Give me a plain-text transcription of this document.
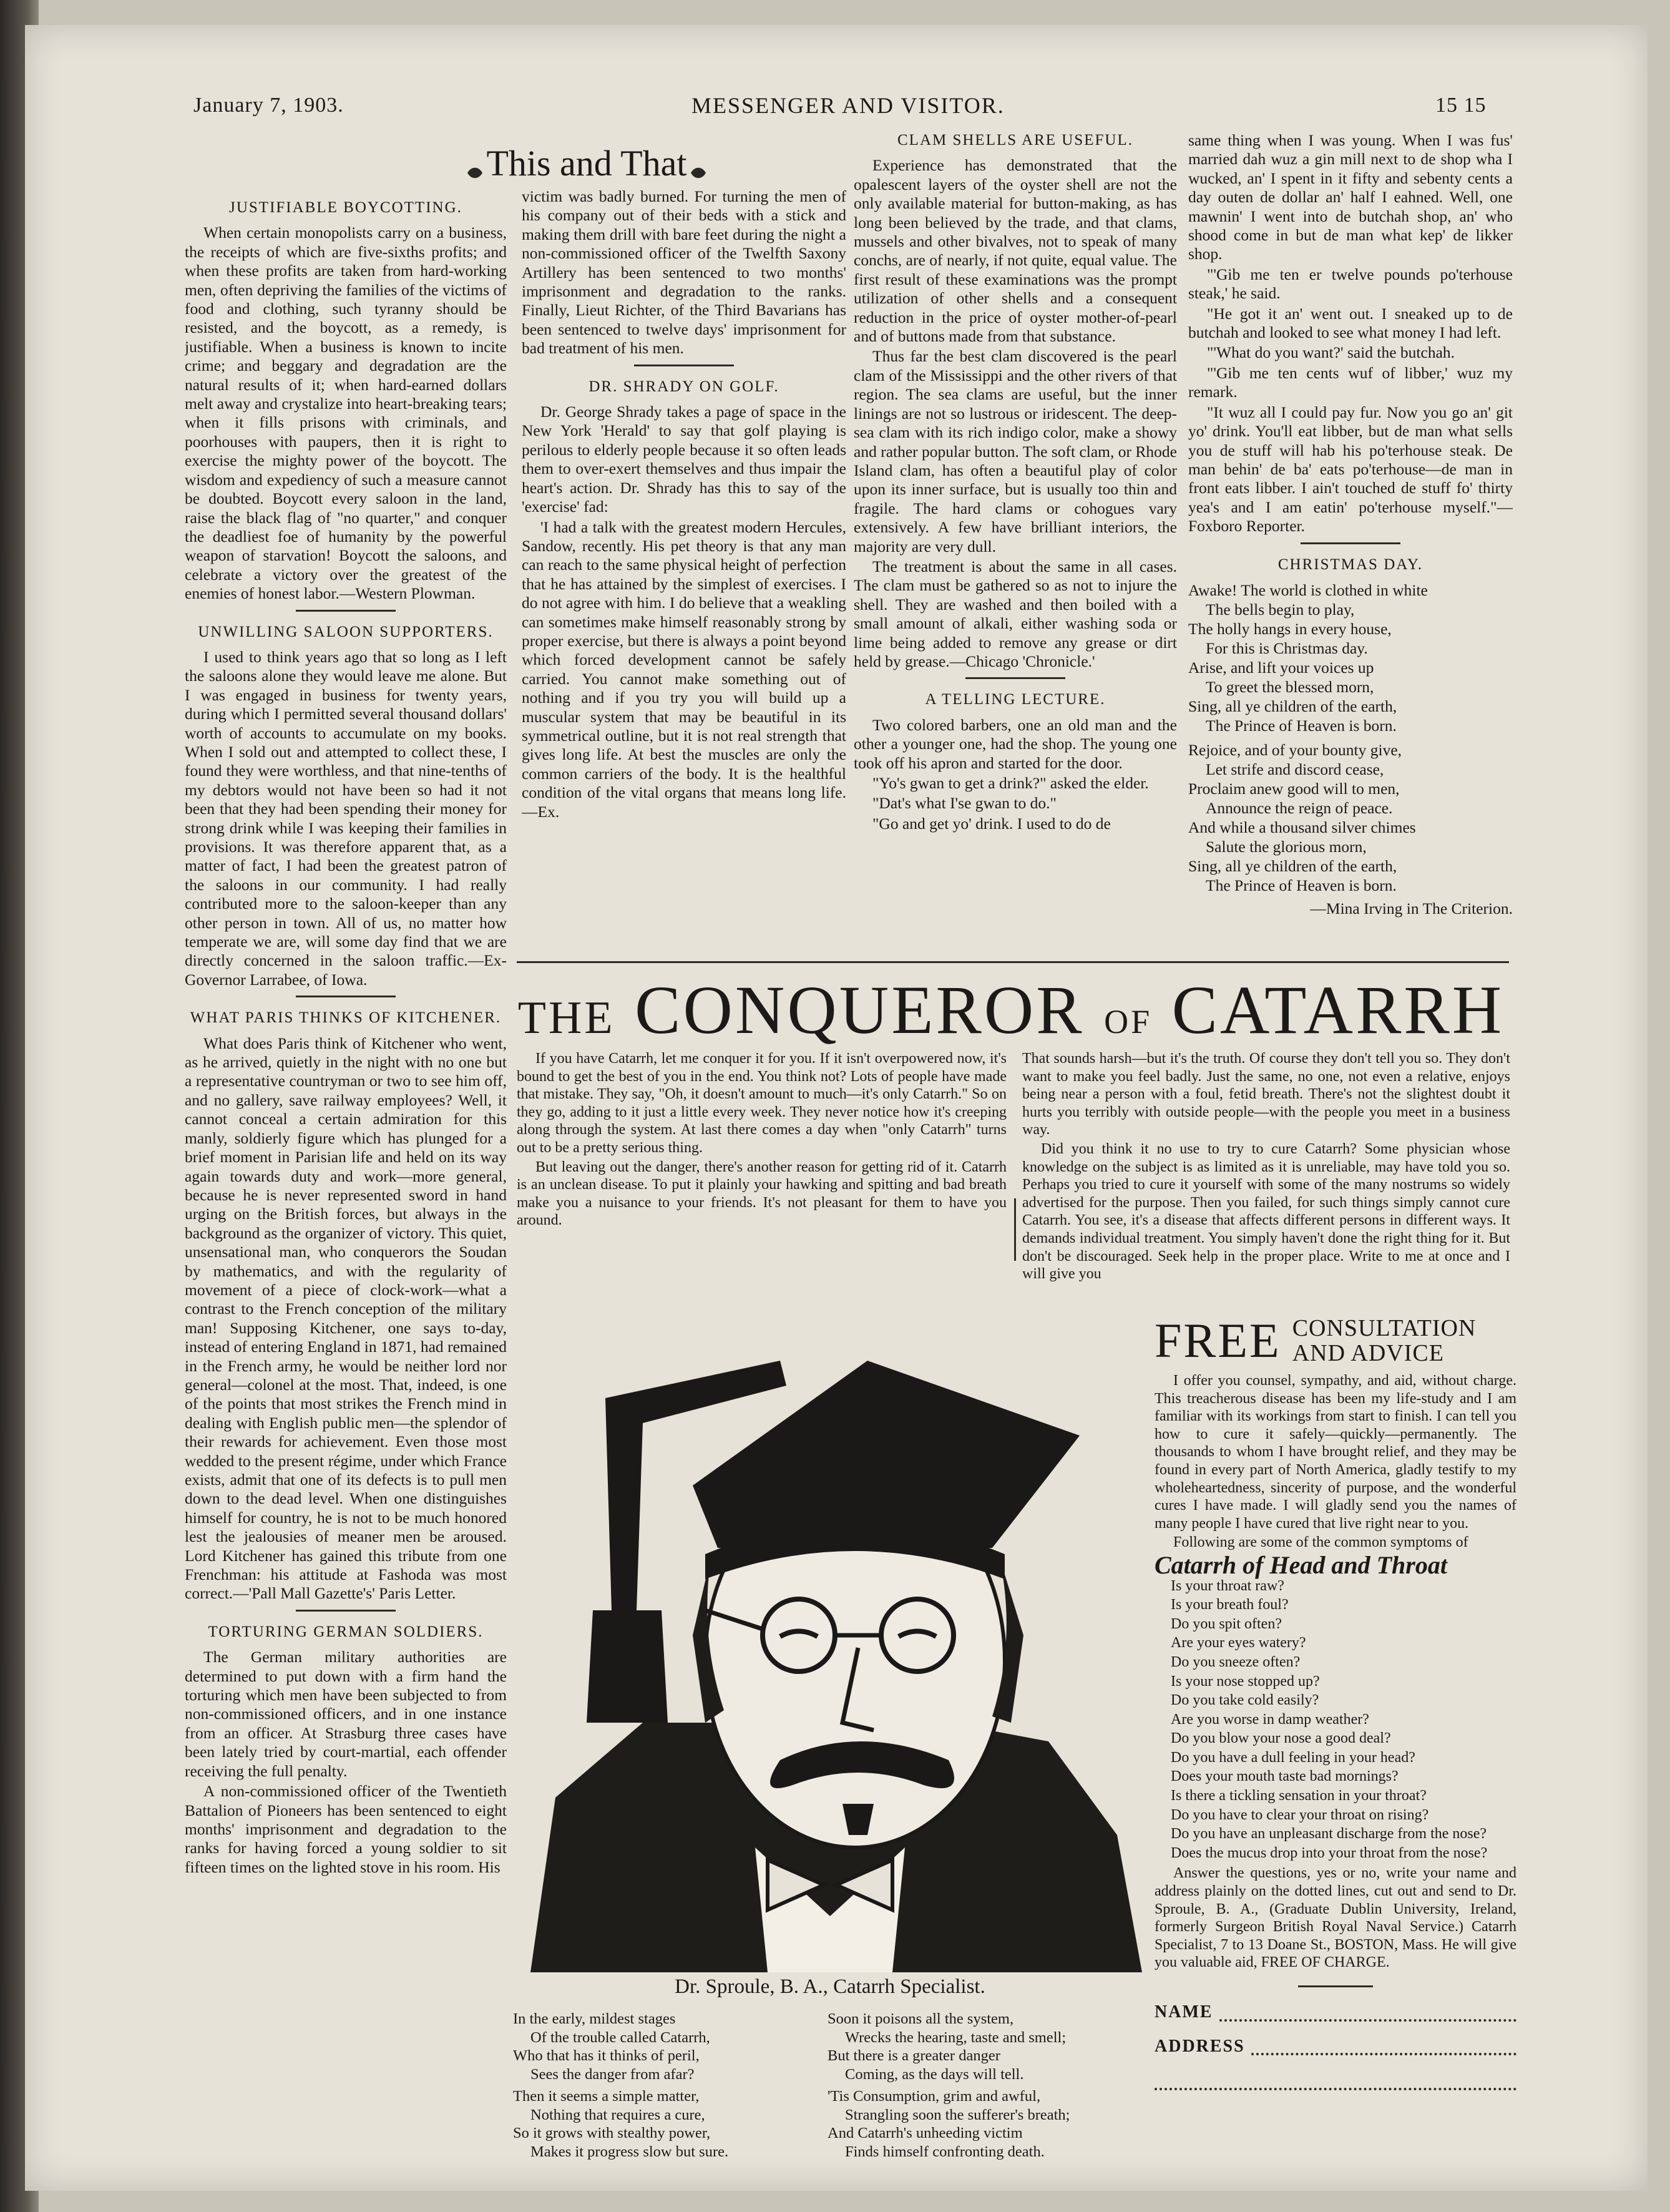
January 7, 1903.	MESSENGER AND VISITOR.	15 15
This and That
JUSTIFIABLE BOYCOTTING.

When certain monopolists carry on a business, the receipts of which are five-sixths profits; and when these profits are taken from hard-working men, often depriving the families of the victims of food and clothing, such tyranny should be resisted, and the boycott, as a remedy, is justifiable. When a business is known to incite crime; and beggary and degradation are the natural results of it; when hard-earned dollars melt away and crystalize into heart-breaking tears; when it fills prisons with criminals, and poorhouses with paupers, then it is right to exercise the mighty power of the boycott. The wisdom and expediency of such a measure cannot be doubted. Boycott every saloon in the land, raise the black flag of "no quarter," and conquer the deadliest foe of humanity by the powerful weapon of starvation! Boycott the saloons, and celebrate a victory over the greatest of the enemies of honest labor.—Western Plowman.

UNWILLING SALOON SUPPORTERS.

I used to think years ago that so long as I left the saloons alone they would leave me alone. But I was engaged in business for twenty years, during which I permitted several thousand dollars' worth of accounts to accumulate on my books. When I sold out and attempted to collect these, I found they were worthless, and that nine-tenths of my debtors would not have been so had it not been that they had been spending their money for strong drink while I was keeping their families in provisions. It was therefore apparent that, as a matter of fact, I had been the greatest patron of the saloons in our community. I had really contributed more to the saloon-keeper than any other person in town. All of us, no matter how temperate we are, will some day find that we are directly concerned in the saloon traffic.—Ex-Governor Larrabee, of Iowa.

WHAT PARIS THINKS OF KITCHENER.

What does Paris think of Kitchener who went, as he arrived, quietly in the night with no one but a representative countryman or two to see him off, and no gallery, save railway employees? Well, it cannot conceal a certain admiration for this manly, soldierly figure which has plunged for a brief moment in Parisian life and held on its way again towards duty and work—more general, because he is never represented sword in hand urging on the British forces, but always in the background as the organizer of victory. This quiet, unsensational man, who conquerors the Soudan by mathematics, and with the regularity of movement of a piece of clock-work—what a contrast to the French conception of the military man! Supposing Kitchener, one says to-day, instead of entering England in 1871, had remained in the French army, he would be neither lord nor general—colonel at the most. That, indeed, is one of the points that most strikes the French mind in dealing with English public men—the splendor of their rewards for achievement. Even those most wedded to the present régime, under which France exists, admit that one of its defects is to pull men down to the dead level. When one distinguishes himself for country, he is not to be much honored lest the jealousies of meaner men be aroused. Lord Kitchener has gained this tribute from one Frenchman: his attitude at Fashoda was most correct.—'Pall Mall Gazette's' Paris Letter.

TORTURING GERMAN SOLDIERS.

The German military authorities are determined to put down with a firm hand the torturing which men have been subjected to from non-commissioned officers, and in one instance from an officer. At Strasburg three cases have been lately tried by court-martial, each offender receiving the full penalty.

A non-commissioned officer of the Twentieth Battalion of Pioneers has been sentenced to eight months' imprisonment and degradation to the ranks for having forced a young soldier to sit fifteen times on the lighted stove in his room. His

victim was badly burned. For turning the men of his company out of their beds with a stick and making them drill with bare feet during the night a non-commissioned officer of the Twelfth Saxony Artillery has been sentenced to two months' imprisonment and degradation to the ranks. Finally, Lieut Richter, of the Third Bavarians has been sentenced to twelve days' imprisonment for bad treatment of his men.

DR. SHRADY ON GOLF.

Dr. George Shrady takes a page of space in the New York 'Herald' to say that golf playing is perilous to elderly people because it so often leads them to over-exert themselves and thus impair the heart's action. Dr. Shrady has this to say of the 'exercise' fad:

'I had a talk with the greatest modern Hercules, Sandow, recently. His pet theory is that any man can reach to the same physical height of perfection that he has attained by the simplest of exercises. I do not agree with him. I do believe that a weakling can sometimes make himself reasonably strong by proper exercise, but there is always a point beyond which forced development cannot be safely carried. You cannot make something out of nothing and if you try you will build up a muscular system that may be beautiful in its symmetrical outline, but it is not real strength that gives long life. At best the muscles are only the common carriers of the body. It is the healthful condition of the vital organs that means long life.—Ex.

CLAM SHELLS ARE USEFUL.

Experience has demonstrated that the opalescent layers of the oyster shell are not the only available material for button-making, as has long been believed by the trade, and that clams, mussels and other bivalves, not to speak of many conchs, are of nearly, if not quite, equal value. The first result of these examinations was the prompt utilization of other shells and a consequent reduction in the price of oyster mother-of-pearl and of buttons made from that substance.

Thus far the best clam discovered is the pearl clam of the Mississippi and the other rivers of that region. The sea clams are useful, but the inner linings are not so lustrous or iridescent. The deep-sea clam with its rich indigo color, make a showy and rather popular button. The soft clam, or Rhode Island clam, has often a beautiful play of color upon its inner surface, but is usually too thin and fragile. The hard clams or cohogues vary extensively. A few have brilliant interiors, the majority are very dull.

The treatment is about the same in all cases. The clam must be gathered so as not to injure the shell. They are washed and then boiled with a small amount of alkali, either washing soda or lime being added to remove any grease or dirt held by grease.—Chicago 'Chronicle.'

A TELLING LECTURE.

Two colored barbers, one an old man and the other a younger one, had the shop. The young one took off his apron and started for the door.

"Yo's gwan to get a drink?" asked the elder.

"Dat's what I'se gwan to do."

"Go and get yo' drink. I used to do de

same thing when I was young. When I was fus' married dah wuz a gin mill next to de shop wha I wucked, an' I spent in it fifty and sebenty cents a day outen de dollar an' half I eahned. Well, one mawnin' I went into de butchah shop, an' who shood come in but de man what kep' de likker shop.

"'Gib me ten er twelve pounds po'terhouse steak,' he said.

"He got it an' went out. I sneaked up to de butchah and looked to see what money I had left.

"'What do you want?' said the butchah.

"'Gib me ten cents wuf of libber,' wuz my remark.

"It wuz all I could pay fur. Now you go an' git yo' drink. You'll eat libber, but de man what sells you de stuff will hab his po'terhouse steak. De man behin' de ba' eats po'terhouse—de man in front eats libber. I ain't touched de stuff fo' thirty yea's and I am eatin' po'terhouse myself."—Foxboro Reporter.

CHRISTMAS DAY.
Awake! The world is clothed in white
The bells begin to play,
The holly hangs in every house,
For this is Christmas day.
Arise, and lift your voices up
To greet the blessed morn,
Sing, all ye children of the earth,
The Prince of Heaven is born.
Rejoice, and of your bounty give,
Let strife and discord cease,
Proclaim anew good will to men,
Announce the reign of peace.
And while a thousand silver chimes
Salute the glorious morn,
Sing, all ye children of the earth,
The Prince of Heaven is born.
—Mina Irving in The Criterion.
THE CONQUEROR OF CATARRH

If you have Catarrh, let me conquer it for you. If it isn't overpowered now, it's bound to get the best of you in the end. You think not? Lots of people have made that mistake. They say, "Oh, it doesn't amount to much—it's only Catarrh." So on they go, adding to it just a little every week. They never notice how it's creeping along through the system. At last there comes a day when "only Catarrh" turns out to be a pretty serious thing.

But leaving out the danger, there's another reason for getting rid of it. Catarrh is an unclean disease. To put it plainly your hawking and spitting and bad breath make you a nuisance to your friends. It's not pleasant for them to have you around.

That sounds harsh—but it's the truth. Of course they don't tell you so. They don't want to make you feel badly. Just the same, no one, not even a relative, enjoys being near a person with a foul, fetid breath. There's not the slightest doubt it hurts you terribly with outside people—with the people you meet in a business way.

Did you think it no use to try to cure Catarrh? Some physician whose knowledge on the subject is as limited as it is unreliable, may have told you so. Perhaps you tried to cure it yourself with some of the many nostrums so widely advertised for the purpose. Then you failed, for such things simply cannot cure Catarrh. You see, it's a disease that affects different persons in different ways. It demands individual treatment. You simply haven't done the right thing for it. But don't be discouraged. Seek help in the proper place. Write to me at once and I will give you

Dr. Sproule, B. A., Catarrh Specialist.
FREE CONSULTATION
AND ADVICE

I offer you counsel, sympathy, and aid, without charge. This treacherous disease has been my life-study and I am familiar with its workings from start to finish. I can tell you how to cure it safely—quickly—permanently. The thousands to whom I have brought relief, and they may be found in every part of North America, gladly testify to my wholeheartedness, sincerity of purpose, and the wonderful cures I have made. I will gladly send you the names of many people I have cured that live right near to you.

Following are some of the common symptoms of

Catarrh of Head and Throat

Is your throat raw?

Is your breath foul?

Do you spit often?

Are your eyes watery?

Do you sneeze often?

Is your nose stopped up?

Do you take cold easily?

Are you worse in damp weather?

Do you blow your nose a good deal?

Do you have a dull feeling in your head?

Does your mouth taste bad mornings?

Is there a tickling sensation in your throat?

Do you have to clear your throat on rising?

Do you have an unpleasant discharge from the nose?

Does the mucus drop into your throat from the nose?

Answer the questions, yes or no, write your name and address plainly on the dotted lines, cut out and send to Dr. Sproule, B. A., (Graduate Dublin University, Ireland, formerly Surgeon British Royal Naval Service.) Catarrh Specialist, 7 to 13 Doane St., BOSTON, Mass. He will give you valuable aid, FREE OF CHARGE.

NAME
ADDRESS
In the early, mildest stages
Of the trouble called Catarrh,
Who that has it thinks of peril,
Sees the danger from afar?
Then it seems a simple matter,
Nothing that requires a cure,
So it grows with stealthy power,
Makes it progress slow but sure.
Soon it poisons all the system,
Wrecks the hearing, taste and smell;
But there is a greater danger
Coming, as the days will tell.
'Tis Consumption, grim and awful,
Strangling soon the sufferer's breath;
And Catarrh's unheeding victim
Finds himself confronting death.
